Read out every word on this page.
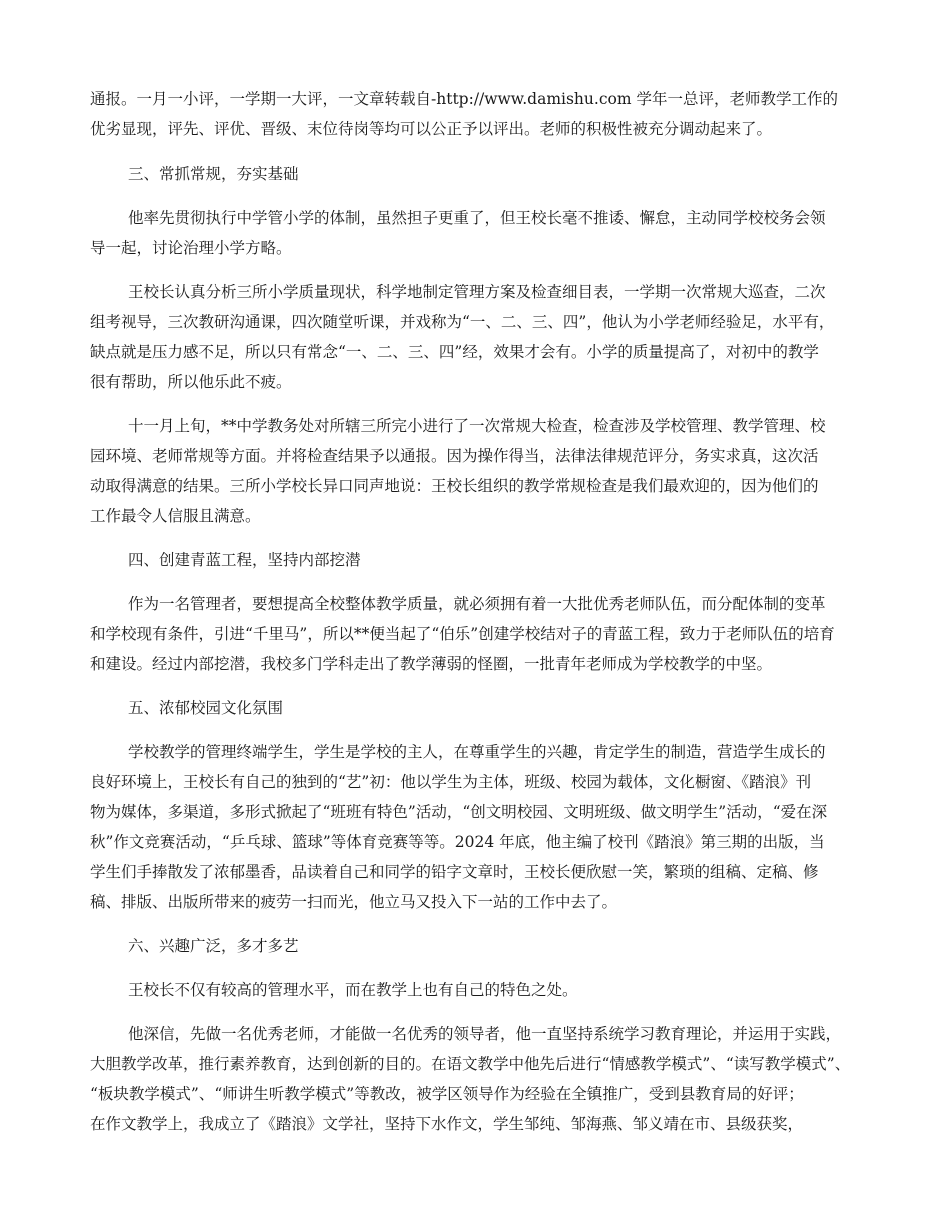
通报。一月一小评，一学期一大评，一文章转载自-http://www.damishu.com 学年一总评，老师教学工作的
优劣显现，评先、评优、晋级、末位待岗等均可以公正予以评出。老师的积极性被充分调动起来了。
三、常抓常规，夯实基础
他率先贯彻执行中学管小学的体制，虽然担子更重了，但王校长毫不推诿、懈怠，主动同学校校务会领
导一起，讨论治理小学方略。
王校长认真分析三所小学质量现状，科学地制定管理方案及检查细目表，一学期一次常规大巡查，二次
组考视导，三次教研沟通课，四次随堂听课，并戏称为“一、二、三、四”，他认为小学老师经验足，水平有，
缺点就是压力感不足，所以只有常念“一、二、三、四”经，效果才会有。小学的质量提高了，对初中的教学
很有帮助，所以他乐此不疲。
十一月上旬，**中学教务处对所辖三所完小进行了一次常规大检查，检查涉及学校管理、教学管理、校
园环境、老师常规等方面。并将检查结果予以通报。因为操作得当，法律法律规范评分，务实求真，这次活
动取得满意的结果。三所小学校长异口同声地说：王校长组织的教学常规检查是我们最欢迎的，因为他们的
工作最令人信服且满意。
四、创建青蓝工程，坚持内部挖潜
作为一名管理者，要想提高全校整体教学质量，就必须拥有着一大批优秀老师队伍，而分配体制的变革
和学校现有条件，引进“千里马”，所以**便当起了“伯乐”创建学校结对子的青蓝工程，致力于老师队伍的培育
和建设。经过内部挖潜，我校多门学科走出了教学薄弱的怪圈，一批青年老师成为学校教学的中坚。
五、浓郁校园文化氛围
学校教学的管理终端学生，学生是学校的主人，在尊重学生的兴趣，肯定学生的制造，营造学生成长的
良好环境上，王校长有自己的独到的“艺”初：他以学生为主体，班级、校园为载体，文化橱窗、《踏浪》刊
物为媒体，多渠道，多形式掀起了“班班有特色”活动，“创文明校园、文明班级、做文明学生”活动，“爱在深
秋”作文竞赛活动，“乒乓球、篮球”等体育竞赛等等。2024 年底，他主编了校刊《踏浪》第三期的出版，当
学生们手捧散发了浓郁墨香，品读着自己和同学的铅字文章时，王校长便欣慰一笑，繁琐的组稿、定稿、修
稿、排版、出版所带来的疲劳一扫而光，他立马又投入下一站的工作中去了。
六、兴趣广泛，多才多艺
王校长不仅有较高的管理水平，而在教学上也有自己的特色之处。
他深信，先做一名优秀老师，才能做一名优秀的领导者，他一直坚持系统学习教育理论，并运用于实践，
大胆教学改革，推行素养教育，达到创新的目的。在语文教学中他先后进行“情感教学模式”、“读写教学模式”、
“板块教学模式”、“师讲生听教学模式”等教改，被学区领导作为经验在全镇推广，受到县教育局的好评；
在作文教学上，我成立了《踏浪》文学社，坚持下水作文，学生邹纯、邹海燕、邹义靖在市、县级获奖，
